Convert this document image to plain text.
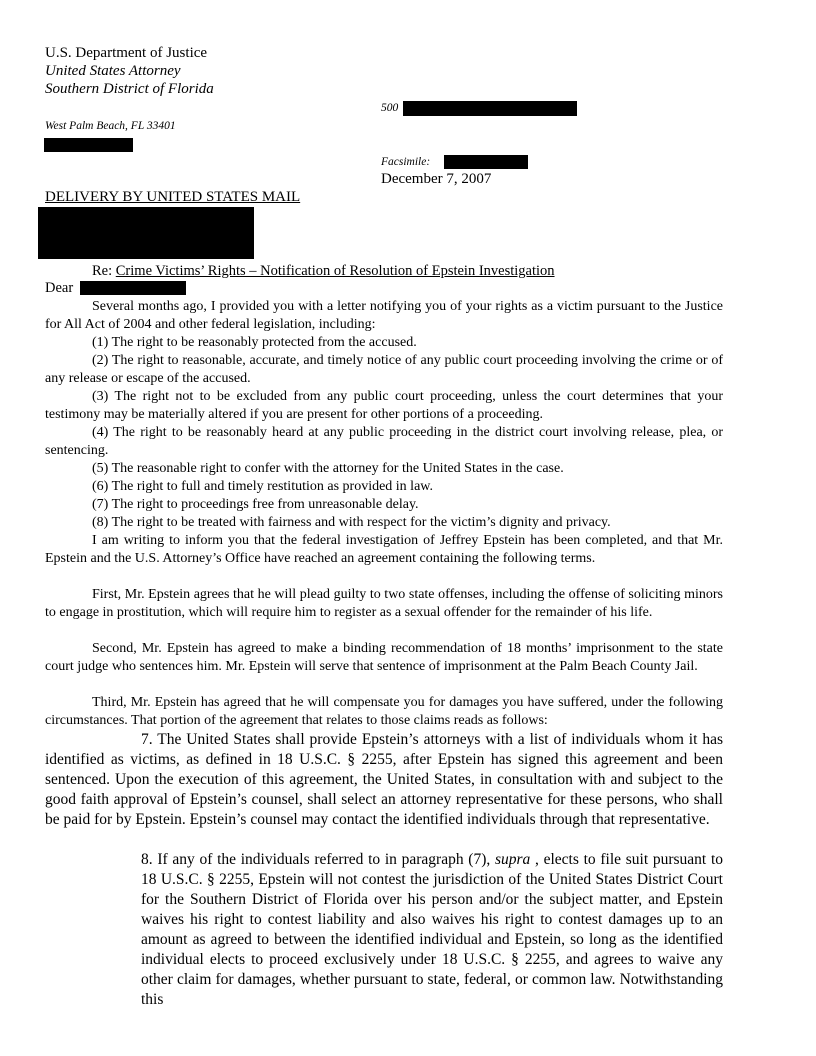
U.S. Department of Justice
United States Attorney
Southern District of Florida
500
West Palm Beach, FL 33401
Facsimile:
December 7, 2007
DELIVERY BY UNITED STATES MAIL
Re: Crime Victims’ Rights – Notification of Resolution of Epstein Investigation
Dear
Several months ago, I provided you with a letter notifying you of your rights as a victim pursuant to the Justice for All Act of 2004 and other federal legislation, including:
(1) The right to be reasonably protected from the accused.
(2) The right to reasonable, accurate, and timely notice of any public court proceeding involving the crime or of any release or escape of the accused.
(3) The right not to be excluded from any public court proceeding, unless the court determines that your testimony may be materially altered if you are present for other portions of a proceeding.
(4) The right to be reasonably heard at any public proceeding in the district court involving release, plea, or sentencing.
(5) The reasonable right to confer with the attorney for the United States in the case.
(6) The right to full and timely restitution as provided in law.
(7) The right to proceedings free from unreasonable delay.
(8) The right to be treated with fairness and with respect for the victim’s dignity and privacy.
I am writing to inform you that the federal investigation of Jeffrey Epstein has been completed, and that Mr. Epstein and the U.S. Attorney’s Office have reached an agreement containing the following terms.
First, Mr. Epstein agrees that he will plead guilty to two state offenses, including the offense of soliciting minors to engage in prostitution, which will require him to register as a sexual offender for the remainder of his life.
Second, Mr. Epstein has agreed to make a binding recommendation of 18 months’ imprisonment to the state court judge who sentences him. Mr. Epstein will serve that sentence of imprisonment at the Palm Beach County Jail.
Third, Mr. Epstein has agreed that he will compensate you for damages you have suffered, under the following circumstances. That portion of the agreement that relates to those claims reads as follows:
7. The United States shall provide Epstein’s attorneys with a list of individuals whom it has identified as victims, as defined in 18 U.S.C. § 2255, after Epstein has signed this agreement and been sentenced. Upon the execution of this agreement, the United States, in consultation with and subject to the good faith approval of Epstein’s counsel, shall select an attorney representative for these persons, who shall be paid for by Epstein. Epstein’s counsel may contact the identified individuals through that representative.
8. If any of the individuals referred to in paragraph (7), supra , elects to file suit pursuant to 18 U.S.C. § 2255, Epstein will not contest the jurisdiction of the United States District Court for the Southern District of Florida over his person and/or the subject matter, and Epstein waives his right to contest liability and also waives his right to contest damages up to an amount as agreed to between the identified individual and Epstein, so long as the identified individual elects to proceed exclusively under 18 U.S.C. § 2255, and agrees to waive any other claim for damages, whether pursuant to state, federal, or common law. Notwithstanding this
